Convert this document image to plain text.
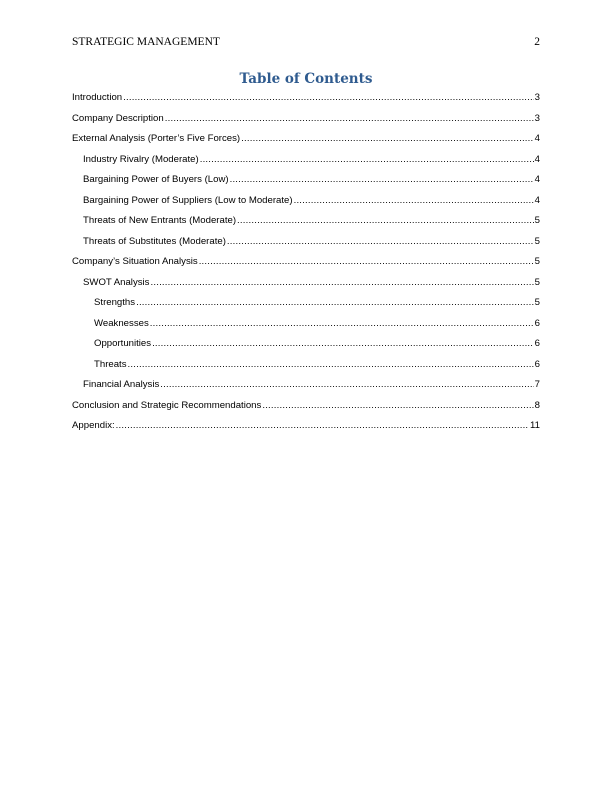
STRATEGIC MANAGEMENT	2
Table of Contents
Introduction .....	3
Company Description .....	3
External Analysis (Porter’s Five Forces) .....	4
Industry Rivalry (Moderate) .....	4
Bargaining Power of Buyers (Low) .....	4
Bargaining Power of Suppliers (Low to Moderate) .....	4
Threats of New Entrants (Moderate) .....	5
Threats of Substitutes (Moderate) .....	5
Company’s Situation Analysis .....	5
SWOT Analysis .....	5
Strengths .....	5
Weaknesses .....	6
Opportunities .....	6
Threats .....	6
Financial Analysis .....	7
Conclusion and Strategic Recommendations .....	8
Appendix: .....	11
